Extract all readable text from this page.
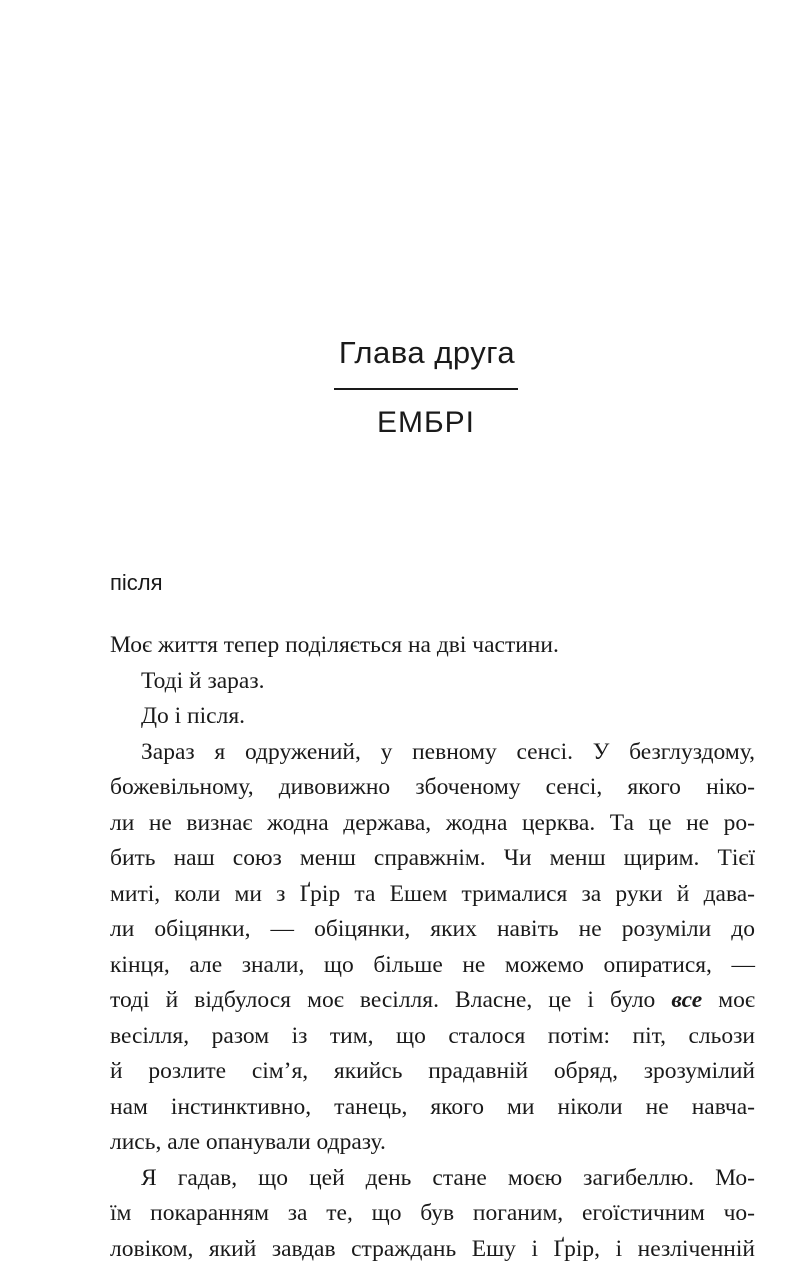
Глава друга
ЕМБРІ
після

Моє життя тепер поділяється на дві частини.

Тоді й зараз.

До і після.

Зараз я одружений, у певному сенсі. У безглуздому,
божевільному, дивовижно збоченому сенсі, якого ніко-
ли не визнає жодна держава, жодна церква. Та це не ро-
бить наш союз менш справжнім. Чи менш щирим. Тієї
миті, коли ми з Ґрір та Ешем трималися за руки й дава-
ли обіцянки, — обіцянки, яких навіть не розуміли до
кінця, але знали, що більше не можемо опиратися, —
тоді й відбулося моє весілля. Власне, це і було все моє
весілля, разом із тим, що сталося потім: піт, сльози
й розлите сім’я, якийсь прадавній обряд, зрозумілий
нам інстинктивно, танець, якого ми ніколи не навча-
лись, але опанували одразу.

Я гадав, що цей день стане моєю загибеллю. Мо-
їм покаранням за те, що був поганим, егоїстичним чо-
ловіком, який завдав страждань Ешу і Ґрір, і незліченній
